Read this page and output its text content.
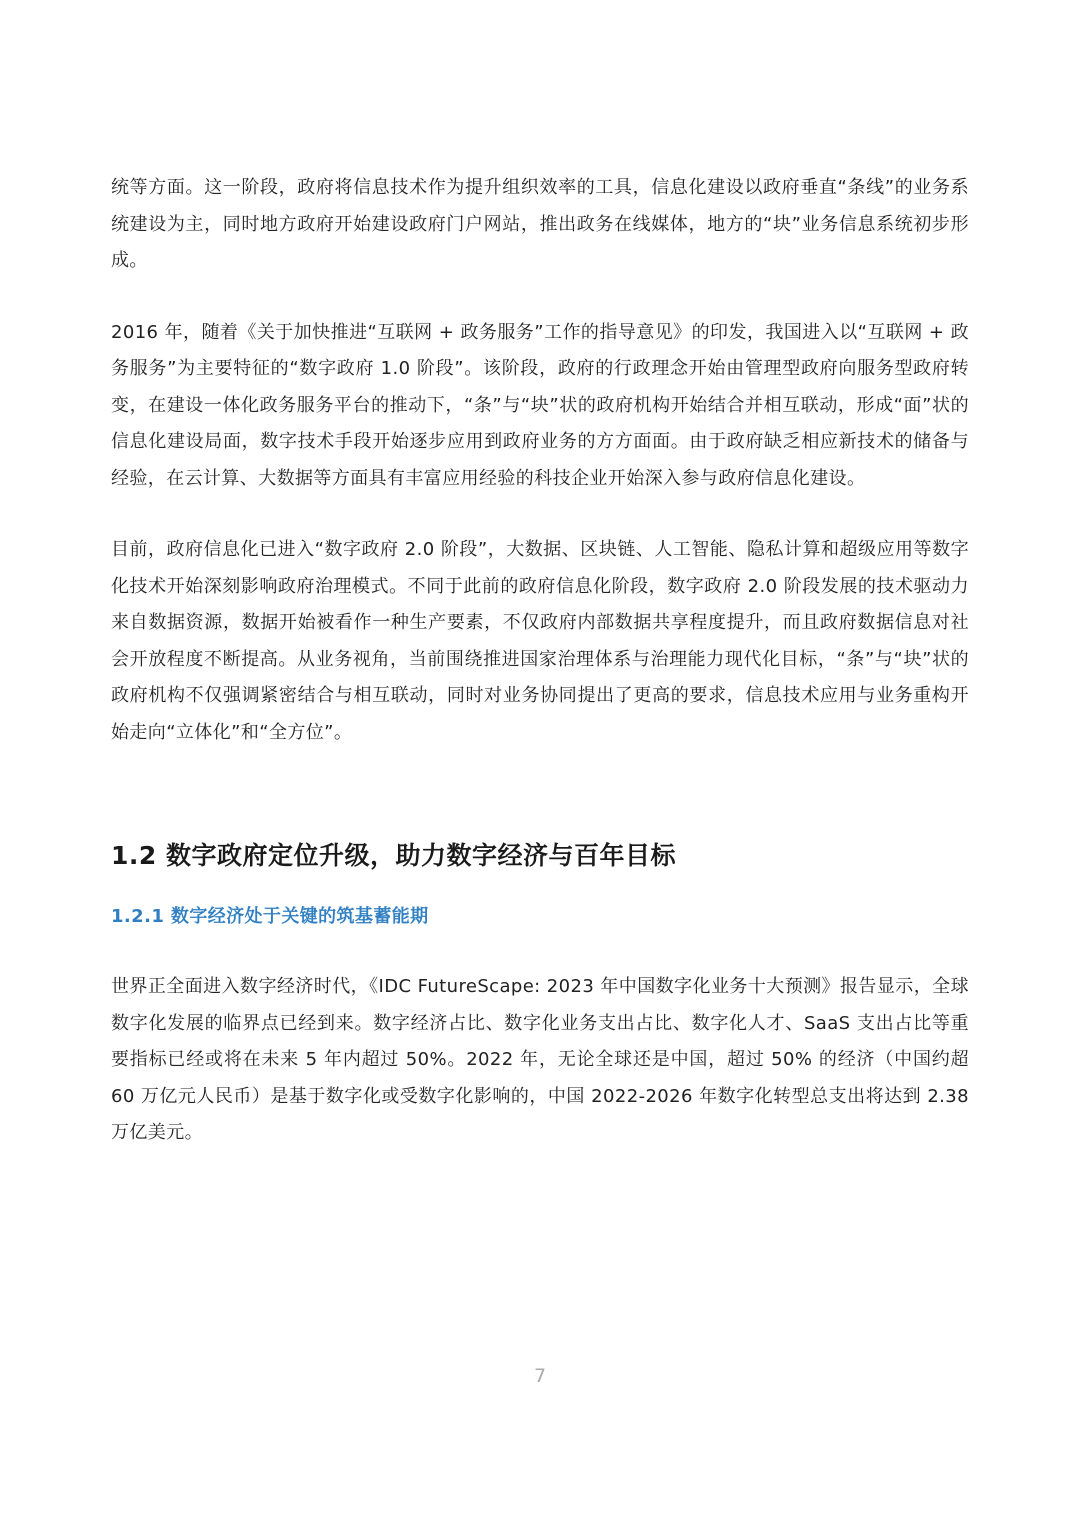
统等方面。这一阶段，政府将信息技术作为提升组织效率的工具，信息化建设以政府垂直“条线”的业务系统建设为主，同时地方政府开始建设政府门户网站，推出政务在线媒体，地方的“块”业务信息系统初步形成。

2016 年，随着《关于加快推进“互联网 + 政务服务”工作的指导意见》的印发，我国进入以“互联网 + 政务服务”为主要特征的“数字政府 1.0 阶段”。该阶段，政府的行政理念开始由管理型政府向服务型政府转变，在建设一体化政务服务平台的推动下，“条”与“块”状的政府机构开始结合并相互联动，形成“面”状的信息化建设局面，数字技术手段开始逐步应用到政府业务的方方面面。由于政府缺乏相应新技术的储备与经验，在云计算、大数据等方面具有丰富应用经验的科技企业开始深入参与政府信息化建设。

目前，政府信息化已进入“数字政府 2.0 阶段”，大数据、区块链、人工智能、隐私计算和超级应用等数字化技术开始深刻影响政府治理模式。不同于此前的政府信息化阶段，数字政府 2.0 阶段发展的技术驱动力来自数据资源，数据开始被看作一种生产要素，不仅政府内部数据共享程度提升，而且政府数据信息对社会开放程度不断提高。从业务视角，当前围绕推进国家治理体系与治理能力现代化目标，“条”与“块”状的政府机构不仅强调紧密结合与相互联动，同时对业务协同提出了更高的要求，信息技术应用与业务重构开始走向“立体化”和“全方位”。

1.2 数字政府定位升级，助力数字经济与百年目标
1.2.1 数字经济处于关键的筑基蓄能期

世界正全面进入数字经济时代，《IDC FutureScape: 2023 年中国数字化业务十大预测》报告显示，全球数字化发展的临界点已经到来。数字经济占比、数字化业务支出占比、数字化人才、SaaS 支出占比等重要指标已经或将在未来 5 年内超过 50%。2022 年，无论全球还是中国，超过 50% 的经济（中国约超 60 万亿元人民币）是基于数字化或受数字化影响的，中国 2022-2026 年数字化转型总支出将达到 2.38 万亿美元。

7
